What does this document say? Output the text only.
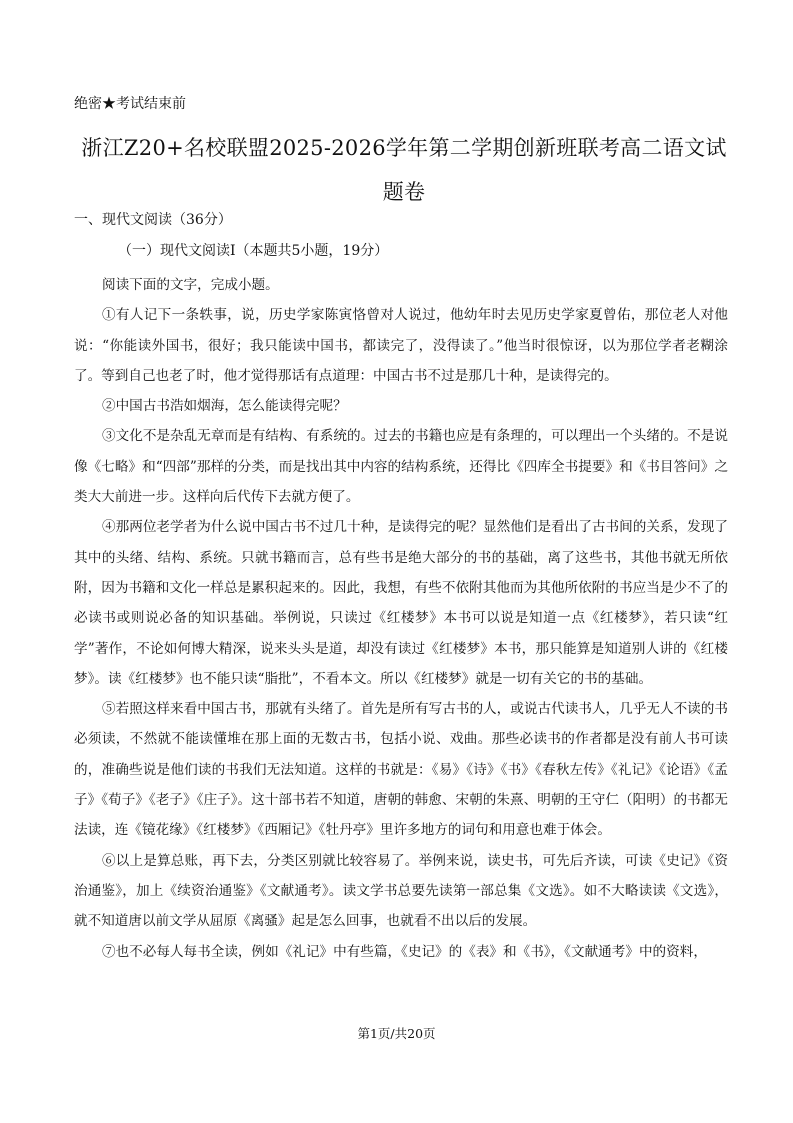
绝密★考试结束前
浙江Z20+名校联盟2025-2026学年第二学期创新班联考高二语文试题卷
一、现代文阅读（36分）
（一）现代文阅读Ⅰ（本题共5小题，19分）

阅读下面的文字，完成小题。

①有人记下一条轶事，说，历史学家陈寅恪曾对人说过，他幼年时去见历史学家夏曾佑，那位老人对他说：“你能读外国书，很好；我只能读中国书，都读完了，没得读了。”他当时很惊讶，以为那位学者老糊涂了。等到自己也老了时，他才觉得那话有点道理：中国古书不过是那几十种，是读得完的。

②中国古书浩如烟海，怎么能读得完呢？

③文化不是杂乱无章而是有结构、有系统的。过去的书籍也应是有条理的，可以理出一个头绪的。不是说像《七略》和“四部”那样的分类，而是找出其中内容的结构系统，还得比《四库全书提要》和《书目答问》之类大大前进一步。这样向后代传下去就方便了。

④那两位老学者为什么说中国古书不过几十种，是读得完的呢？显然他们是看出了古书间的关系，发现了其中的头绪、结构、系统。只就书籍而言，总有些书是绝大部分的书的基础，离了这些书，其他书就无所依附，因为书籍和文化一样总是累积起来的。因此，我想，有些不依附其他而为其他所依附的书应当是少不了的必读书或则说必备的知识基础。举例说，只读过《红楼梦》本书可以说是知道一点《红楼梦》，若只读“红学”著作，不论如何博大精深，说来头头是道，却没有读过《红楼梦》本书，那只能算是知道别人讲的《红楼梦》。读《红楼梦》也不能只读“脂批”，不看本文。所以《红楼梦》就是一切有关它的书的基础。

⑤若照这样来看中国古书，那就有头绪了。首先是所有写古书的人，或说古代读书人，几乎无人不读的书必须读，不然就不能读懂堆在那上面的无数古书，包括小说、戏曲。那些必读书的作者都是没有前人书可读的，准确些说是他们读的书我们无法知道。这样的书就是：《易》《诗》《书》《春秋左传》《礼记》《论语》《孟子》《荀子》《老子》《庄子》。这十部书若不知道，唐朝的韩愈、宋朝的朱熹、明朝的王守仁（阳明）的书都无法读，连《镜花缘》《红楼梦》《西厢记》《牡丹亭》里许多地方的词句和用意也难于体会。

⑥以上是算总账，再下去，分类区别就比较容易了。举例来说，读史书，可先后齐读，可读《史记》《资治通鉴》，加上《续资治通鉴》《文献通考》。读文学书总要先读第一部总集《文选》。如不大略读读《文选》，就不知道唐以前文学从屈原《离骚》起是怎么回事，也就看不出以后的发展。

⑦也不必每人每书全读，例如《礼记》中有些篇，《史记》的《表》和《书》，《文献通考》中的资料，

第1页/共20页
